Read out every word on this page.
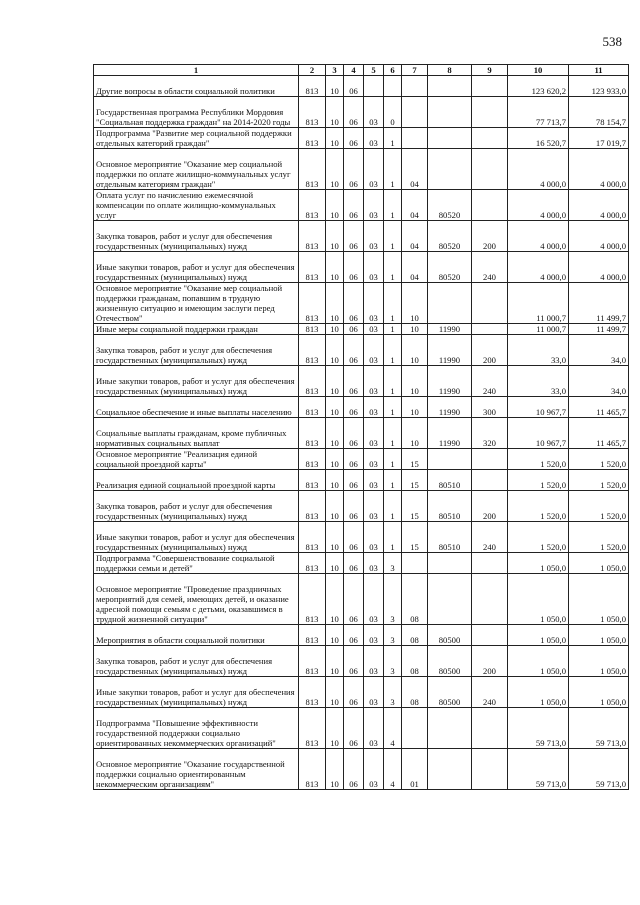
538
1	2	3	4	5	6	7	8	9	10	11
Другие вопросы в области социальной политики	813	10	06						123 620,2	123 933,0
Государственная программа Республики Мордовия "Социальная поддержка граждан" на 2014-2020 годы	813	10	06	03	0				77 713,7	78 154,7
Подпрограмма "Развитие мер социальной поддержки отдельных категорий граждан"	813	10	06	03	1				16 520,7	17 019,7
Основное мероприятие "Оказание мер социальной поддержки по оплате жилищно-коммунальных услуг отдельным категориям граждан"	813	10	06	03	1	04			4 000,0	4 000,0
Оплата услуг по начислению ежемесячной компенсации по оплате жилищно-коммунальных услуг	813	10	06	03	1	04	80520		4 000,0	4 000,0
Закупка товаров, работ и услуг для обеспечения государственных (муниципальных) нужд	813	10	06	03	1	04	80520	200	4 000,0	4 000,0
Иные закупки товаров, работ и услуг для обеспечения государственных (муниципальных) нужд	813	10	06	03	1	04	80520	240	4 000,0	4 000,0
Основное мероприятие "Оказание мер социальной поддержки гражданам, попавшим в трудную жизненную ситуацию и имеющим заслуги перед Отечеством"	813	10	06	03	1	10			11 000,7	11 499,7
Иные меры социальной поддержки граждан	813	10	06	03	1	10	11990		11 000,7	11 499,7
Закупка товаров, работ и услуг для обеспечения государственных (муниципальных) нужд	813	10	06	03	1	10	11990	200	33,0	34,0
Иные закупки товаров, работ и услуг для обеспечения государственных (муниципальных) нужд	813	10	06	03	1	10	11990	240	33,0	34,0
Социальное обеспечение и иные выплаты населению	813	10	06	03	1	10	11990	300	10 967,7	11 465,7
Социальные выплаты гражданам, кроме публичных нормативных социальных выплат	813	10	06	03	1	10	11990	320	10 967,7	11 465,7
Основное мероприятие "Реализация единой социальной проездной карты"	813	10	06	03	1	15			1 520,0	1 520,0
Реализация единой социальной проездной карты	813	10	06	03	1	15	80510		1 520,0	1 520,0
Закупка товаров, работ и услуг для обеспечения государственных (муниципальных) нужд	813	10	06	03	1	15	80510	200	1 520,0	1 520,0
Иные закупки товаров, работ и услуг для обеспечения государственных (муниципальных) нужд	813	10	06	03	1	15	80510	240	1 520,0	1 520,0
Подпрограмма "Совершенствование социальной поддержки семьи и детей"	813	10	06	03	3				1 050,0	1 050,0
Основное мероприятие "Проведение праздничных мероприятий для семей, имеющих детей, и оказание адресной помощи семьям с детьми, оказавшимся в трудной жизненной ситуации"	813	10	06	03	3	08			1 050,0	1 050,0
Мероприятия в области социальной политики	813	10	06	03	3	08	80500		1 050,0	1 050,0
Закупка товаров, работ и услуг для обеспечения государственных (муниципальных) нужд	813	10	06	03	3	08	80500	200	1 050,0	1 050,0
Иные закупки товаров, работ и услуг для обеспечения государственных (муниципальных) нужд	813	10	06	03	3	08	80500	240	1 050,0	1 050,0
Подпрограмма "Повышение эффективности государственной поддержки социально ориентированных некоммерческих организаций"	813	10	06	03	4				59 713,0	59 713,0
Основное мероприятие "Оказание государственной поддержки социально ориентированным некоммерческим организациям"	813	10	06	03	4	01			59 713,0	59 713,0
